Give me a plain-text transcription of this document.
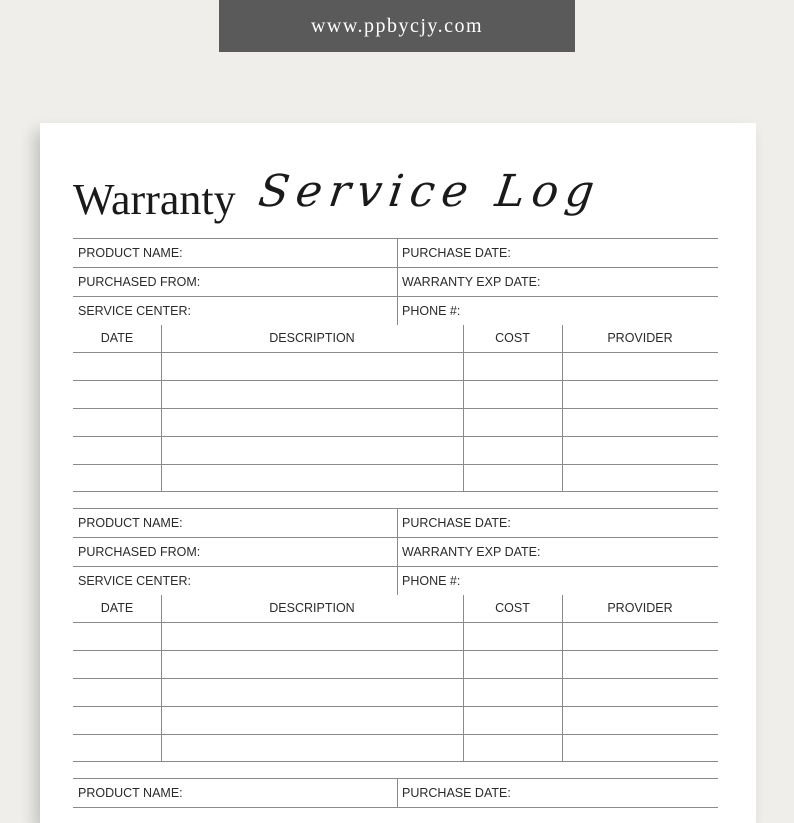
www.ppbycjy.com
Warranty Service Log
PRODUCT NAME:	PURCHASE DATE:
PURCHASED FROM:	WARRANTY EXP DATE:
SERVICE CENTER:	PHONE #:
DATE	DESCRIPTION	COST	PROVIDER
PRODUCT NAME:	PURCHASE DATE:
PURCHASED FROM:	WARRANTY EXP DATE:
SERVICE CENTER:	PHONE #:
DATE	DESCRIPTION	COST	PROVIDER
PRODUCT NAME:	PURCHASE DATE:
